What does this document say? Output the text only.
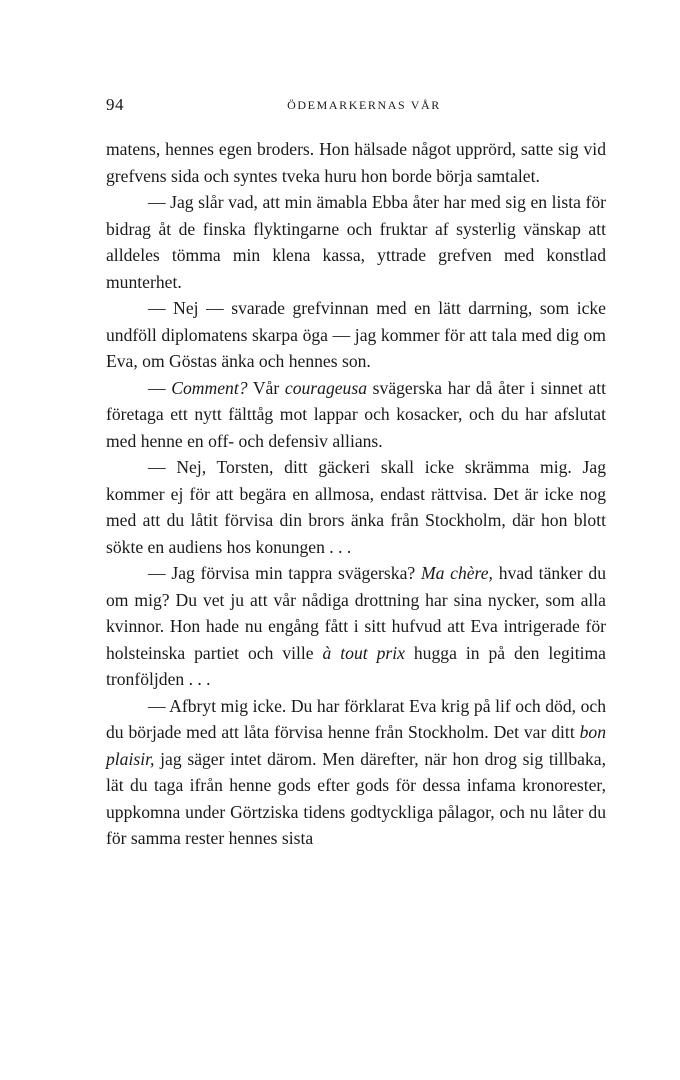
94	ÖDEMARKERNAS VÅR

matens, hennes egen broders. Hon hälsade något upprörd, satte sig vid grefvens sida och syntes tveka huru hon borde börja samtalet.

— Jag slår vad, att min ämabla Ebba åter har med sig en lista för bidrag åt de finska flyktingarne och fruktar af systerlig vänskap att alldeles tömma min klena kassa, yttrade grefven med konstlad munterhet.

— Nej — svarade grefvinnan med en lätt darrning, som icke undföll diplomatens skarpa öga — jag kommer för att tala med dig om Eva, om Göstas änka och hennes son.

— Comment? Vår courageusa svägerska har då åter i sinnet att företaga ett nytt fälttåg mot lappar och kosacker, och du har afslutat med henne en off- och defensiv allians.

— Nej, Torsten, ditt gäckeri skall icke skrämma mig. Jag kommer ej för att begära en allmosa, endast rättvisa. Det är icke nog med att du låtit förvisa din brors änka från Stockholm, där hon blott sökte en audiens hos konungen . . .

— Jag förvisa min tappra svägerska? Ma chère, hvad tänker du om mig? Du vet ju att vår nådiga drottning har sina nycker, som alla kvinnor. Hon hade nu engång fått i sitt hufvud att Eva intrigerade för holsteinska partiet och ville à tout prix hugga in på den legitima tronföljden . . .

— Afbryt mig icke. Du har förklarat Eva krig på lif och död, och du började med att låta förvisa henne från Stockholm. Det var ditt bon plaisir, jag säger intet därom. Men därefter, när hon drog sig tillbaka, lät du taga ifrån henne gods efter gods för dessa infama kronorester, uppkomna under Görtziska tidens godtyckliga pålagor, och nu låter du för samma rester hennes sista
